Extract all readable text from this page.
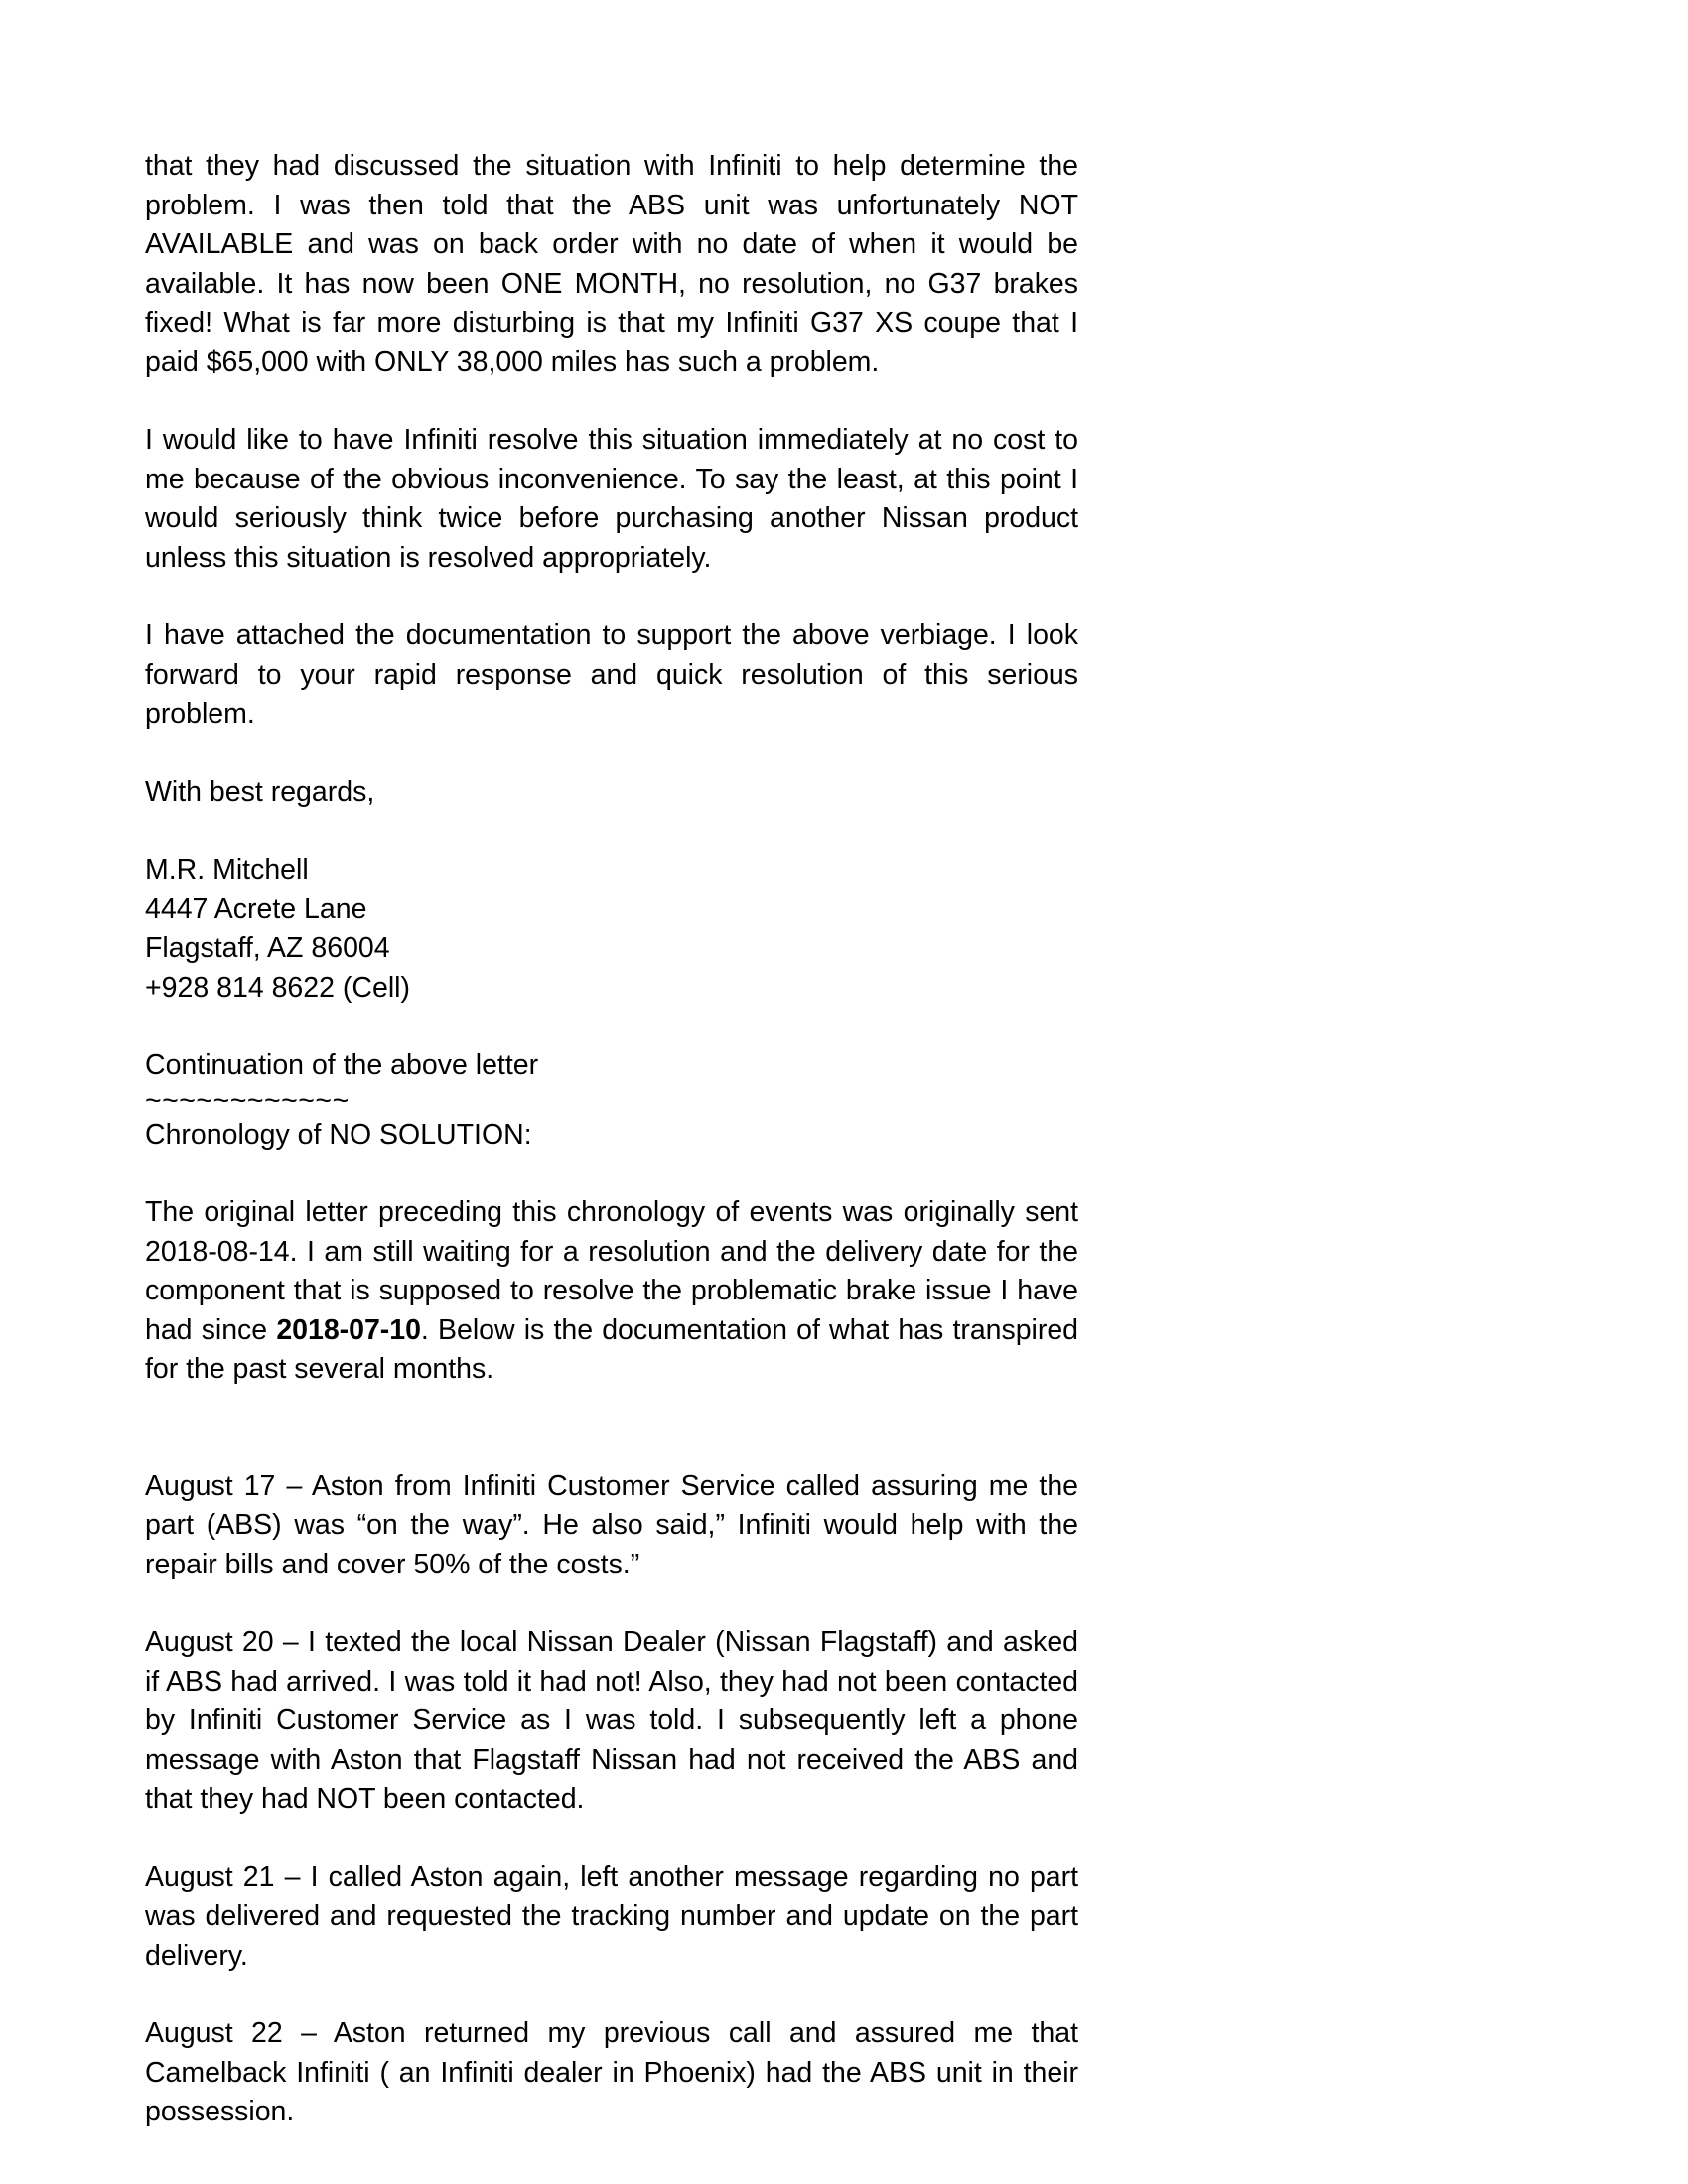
that they had discussed the situation with Infiniti to help determine the problem. I was then told that the ABS unit was unfortunately NOT AVAILABLE and was on back order with no date of when it would be available. It has now been ONE MONTH, no resolution, no G37 brakes fixed! What is far more disturbing is that my Infiniti G37 XS coupe that I paid $65,000 with ONLY 38,000 miles has such a problem.

I would like to have Infiniti resolve this situation immediately at no cost to me because of the obvious inconvenience. To say the least, at this point I would seriously think twice before purchasing another Nissan product unless this situation is resolved appropriately.

I have attached the documentation to support the above verbiage. I look forward to your rapid response and quick resolution of this serious problem.

With best regards,
M.R. Mitchell
4447 Acrete Lane
Flagstaff, AZ 86004
+928 814 8622 (Cell)
Continuation of the above letter
~~~~~~~~~~~~
Chronology of NO SOLUTION:

The original letter preceding this chronology of events was originally sent 2018-08-14. I am still waiting for a resolution and the delivery date for the component that is supposed to resolve the problematic brake issue I have had since 2018-07-10. Below is the documentation of what has transpired for the past several months.

August 17 – Aston from Infiniti Customer Service called assuring me the part (ABS) was “on the way”. He also said,” Infiniti would help with the repair bills and cover 50% of the costs.”

August 20 – I texted the local Nissan Dealer (Nissan Flagstaff) and asked if ABS had arrived. I was told it had not! Also, they had not been contacted by Infiniti Customer Service as I was told. I subsequently left a phone message with Aston that Flagstaff Nissan had not received the ABS and that they had NOT been contacted.

August 21 – I called Aston again, left another message regarding no part was delivered and requested the tracking number and update on the part delivery.

August 22 – Aston returned my previous call and assured me that Camelback Infiniti ( an Infiniti dealer in Phoenix) had the ABS unit in their possession.
